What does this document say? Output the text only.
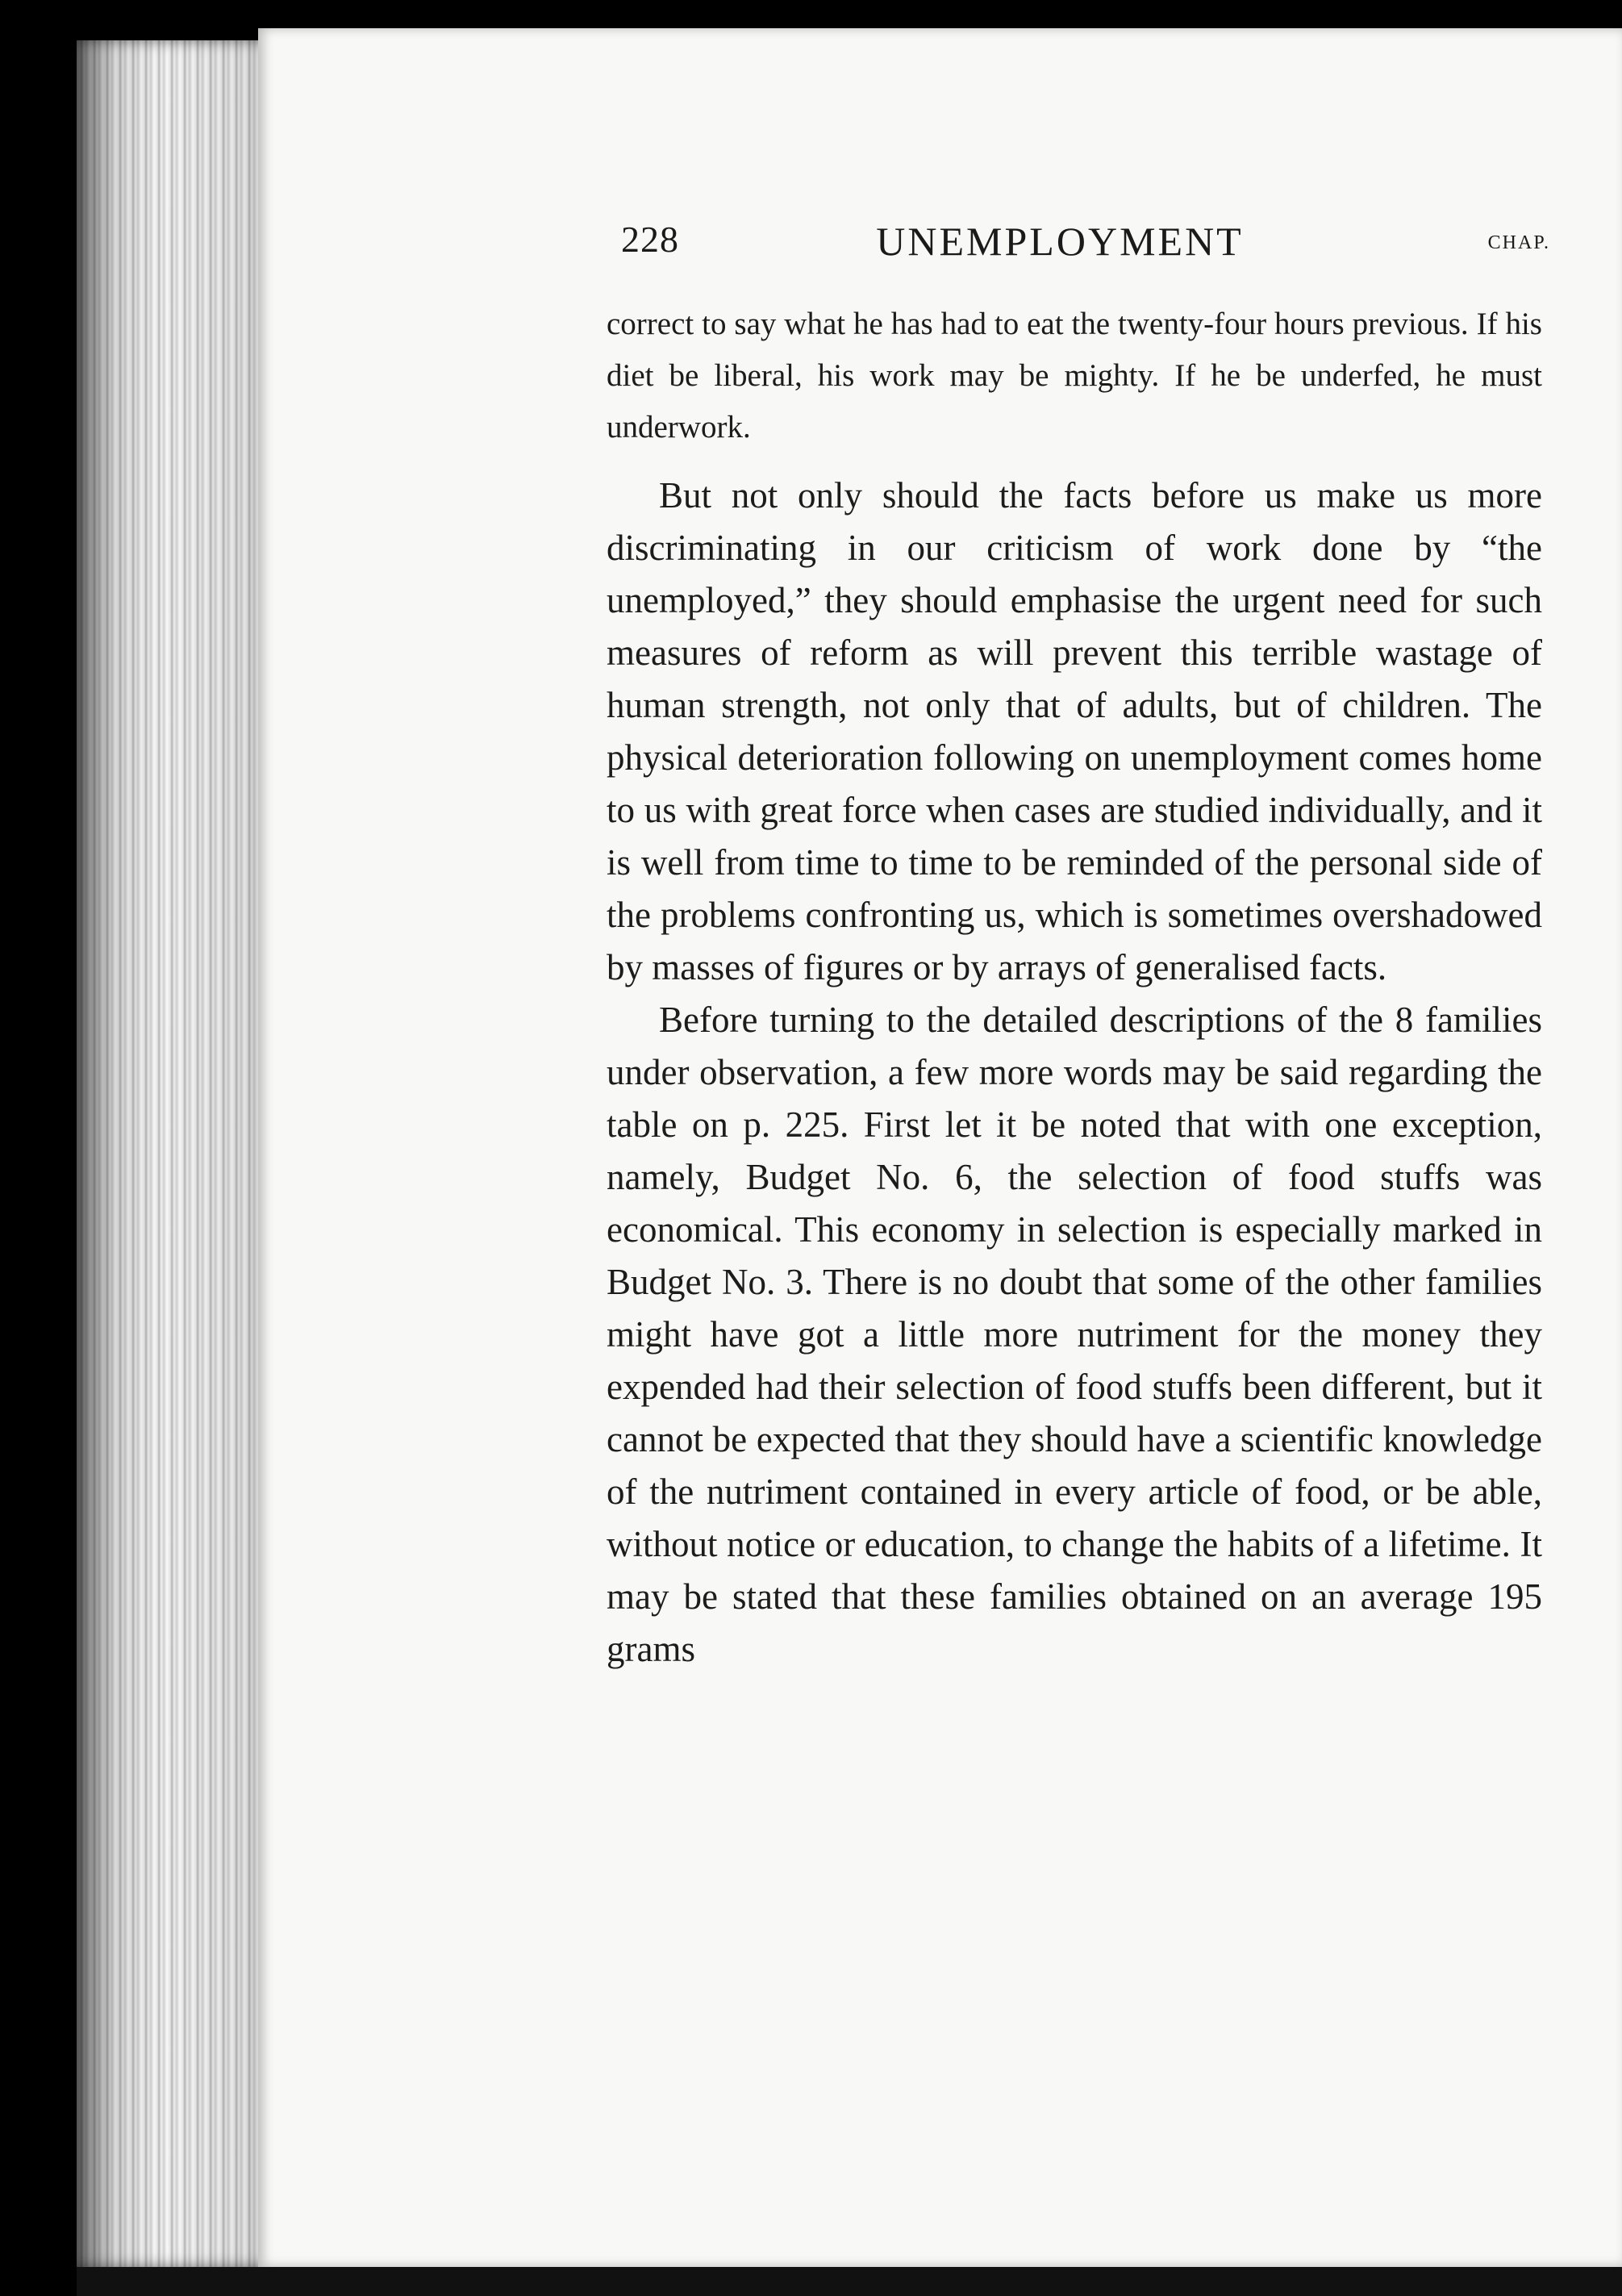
228	UNEMPLOYMENT	CHAP.

correct to say what he has had to eat the twenty-four hours previous. If his diet be liberal, his work may be mighty. If he be underfed, he must underwork.

But not only should the facts before us make us more discriminating in our criticism of work done by “the unemployed,” they should emphasise the urgent need for such measures of reform as will prevent this terrible wastage of human strength, not only that of adults, but of children. The physical deterioration following on unemployment comes home to us with great force when cases are studied individually, and it is well from time to time to be reminded of the personal side of the problems confronting us, which is sometimes overshadowed by masses of figures or by arrays of generalised facts.

Before turning to the detailed descriptions of the 8 families under observation, a few more words may be said regarding the table on p. 225. First let it be noted that with one exception, namely, Budget No. 6, the selection of food stuffs was economical. This economy in selection is especially marked in Budget No. 3. There is no doubt that some of the other families might have got a little more nutriment for the money they expended had their selection of food stuffs been different, but it cannot be expected that they should have a scientific knowledge of the nutriment contained in every article of food, or be able, without notice or education, to change the habits of a lifetime. It may be stated that these families obtained on an average 195 grams
